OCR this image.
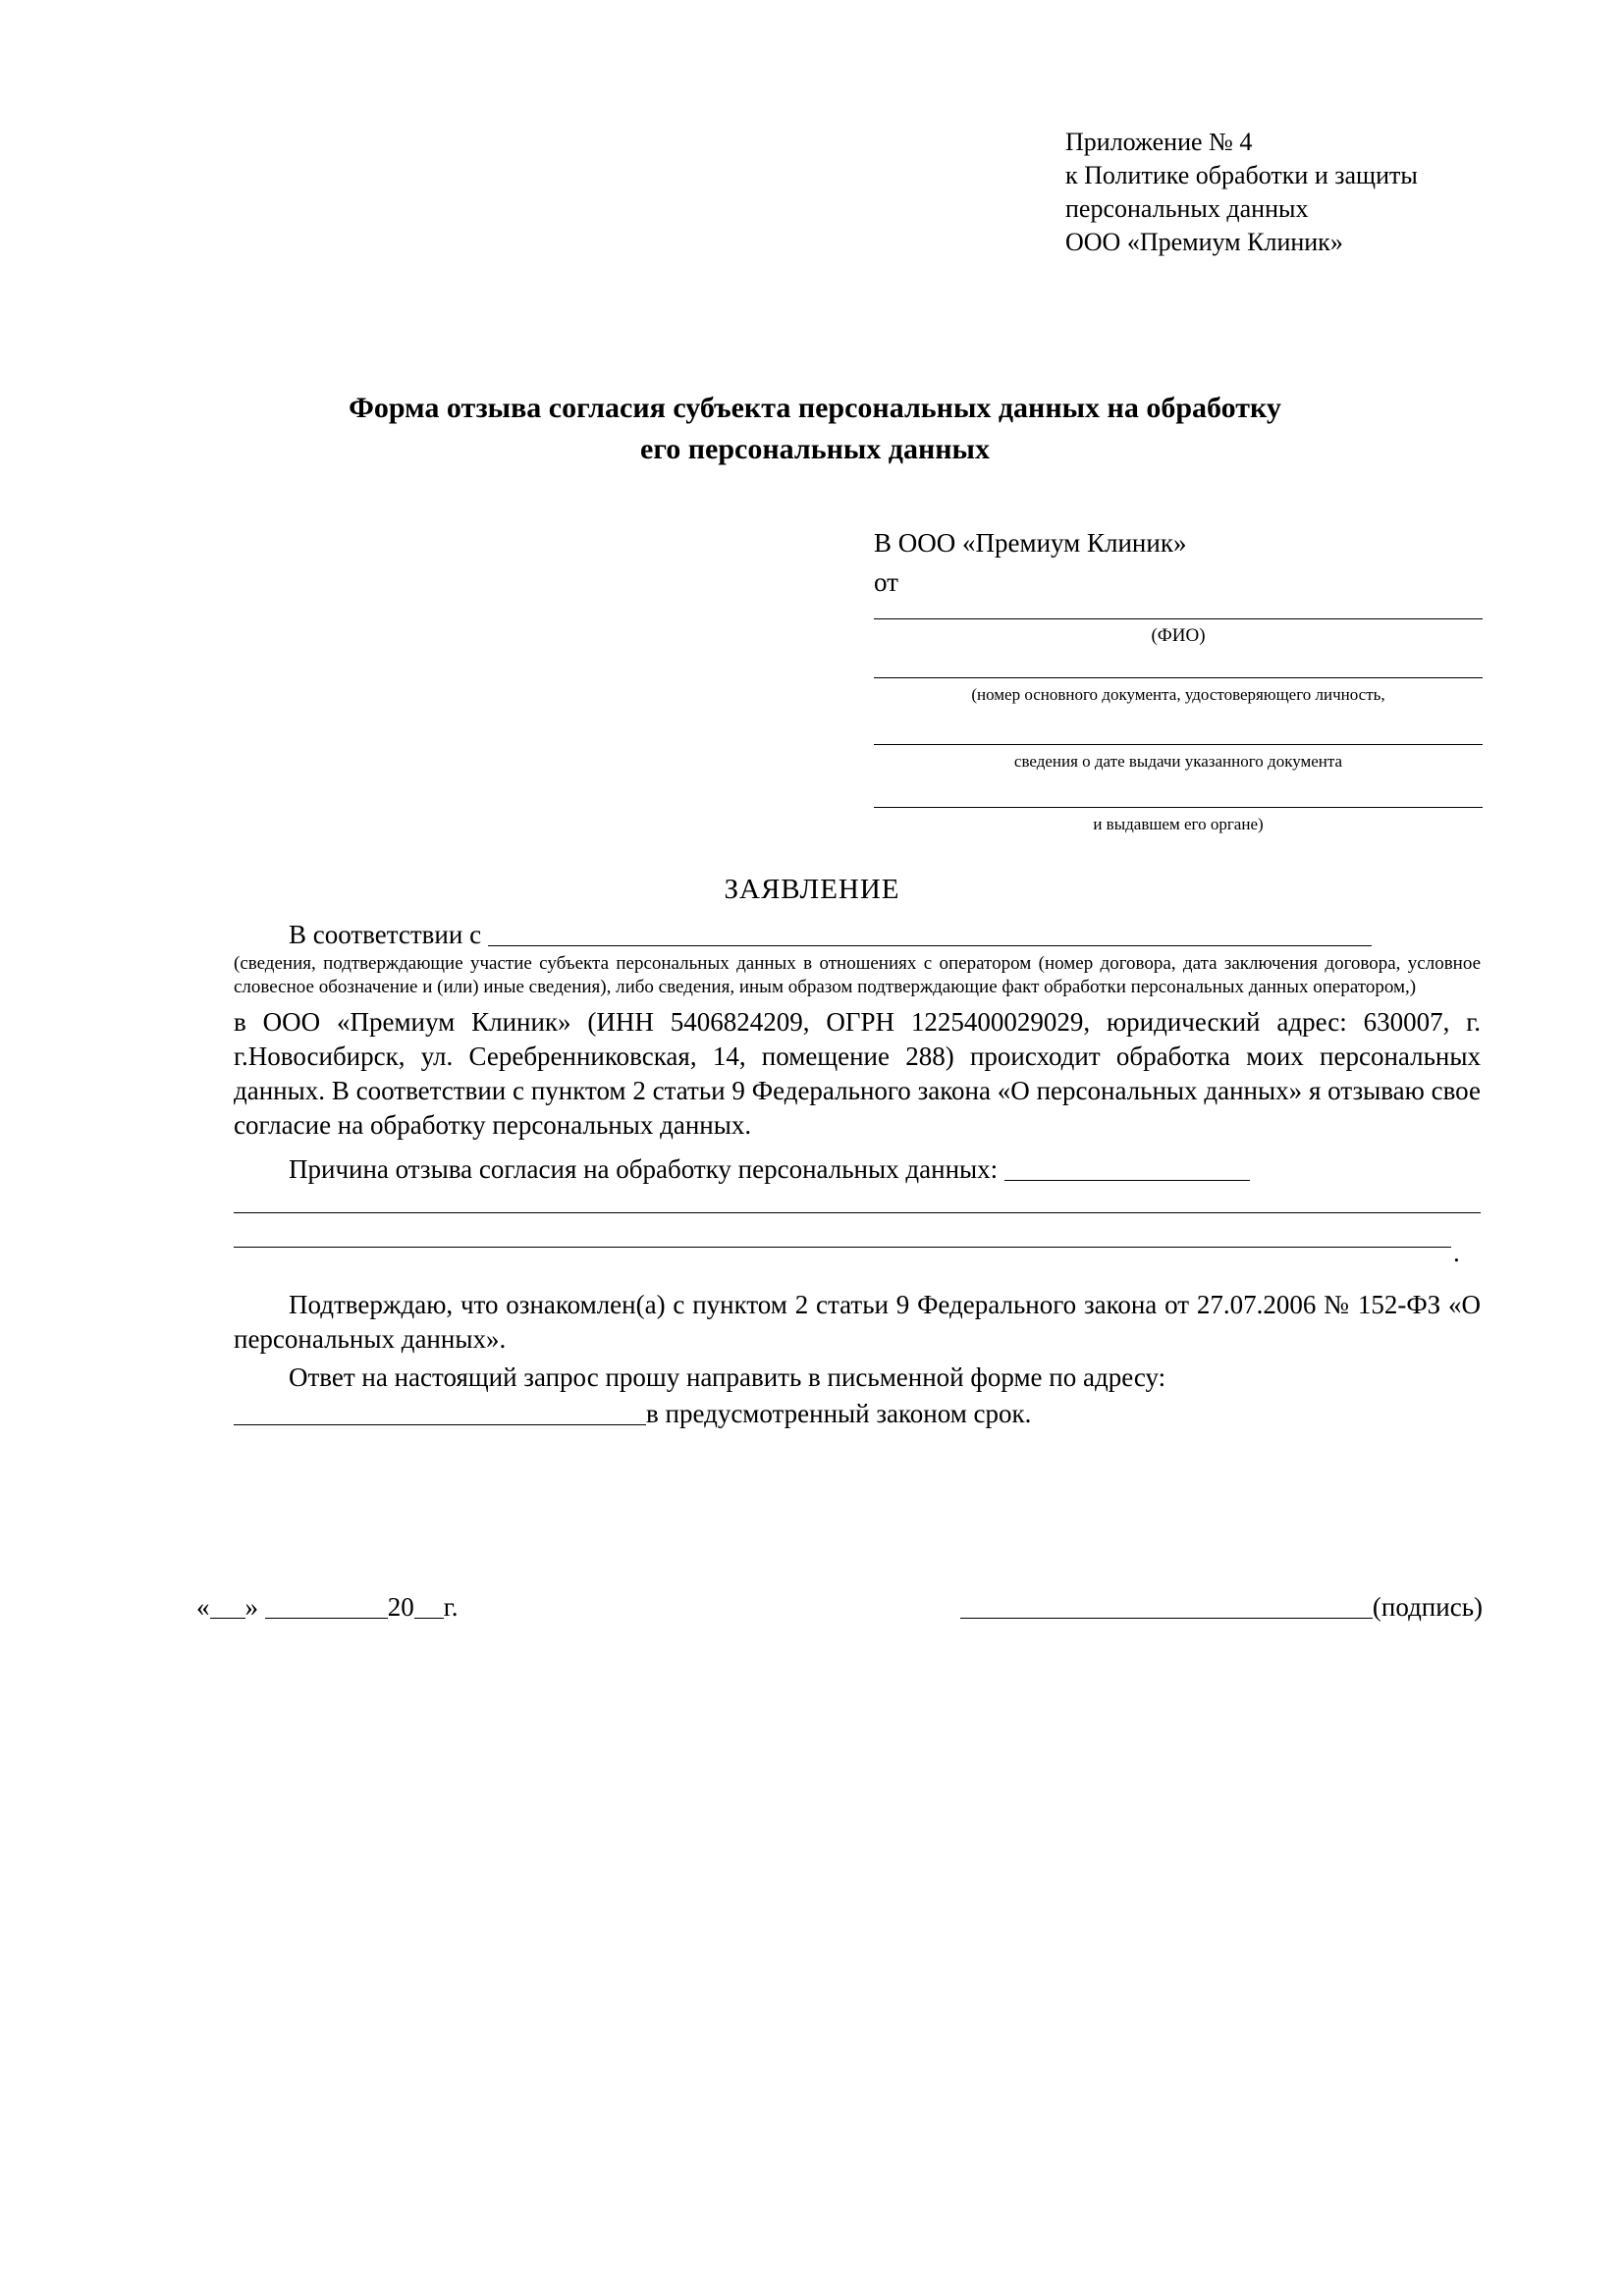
Приложение № 4
к Политике обработки и защиты
персональных данных
ООО «Премиум Клиник»
Форма отзыва согласия субъекта персональных данных на обработку
его персональных данных
В ООО «Премиум Клиник»
от
(ФИО)
(номер основного документа, удостоверяющего личность,
сведения о дате выдачи указанного документа
и выдавшем его органе)
ЗАЯВЛЕНИЕ

В соответствии с

(сведения, подтверждающие участие субъекта персональных данных в отношениях с оператором (номер договора, дата заключения договора, условное словесное обозначение и (или) иные сведения), либо сведения, иным образом подтверждающие факт обработки персональных данных оператором,)

в ООО «Премиум Клиник» (ИНН 5406824209, ОГРН 1225400029029, юридический адрес: 630007, г. г.Новосибирск, ул. Серебренниковская, 14, помещение 288) происходит обработка моих персональных данных. В соответствии с пунктом 2 статьи 9 Федерального закона «О персональных данных» я отзываю свое согласие на обработку персональных данных.

Причина отзыва согласия на обработку персональных данных:

.

Подтверждаю, что ознакомлен(а) с пунктом 2 статьи 9 Федерального закона от 27.07.2006 № 152-ФЗ «О персональных данных».

Ответ на настоящий запрос прошу направить в письменной форме по адресу:

в предусмотренный законом срок.

« »	20 г.	(подпись)
